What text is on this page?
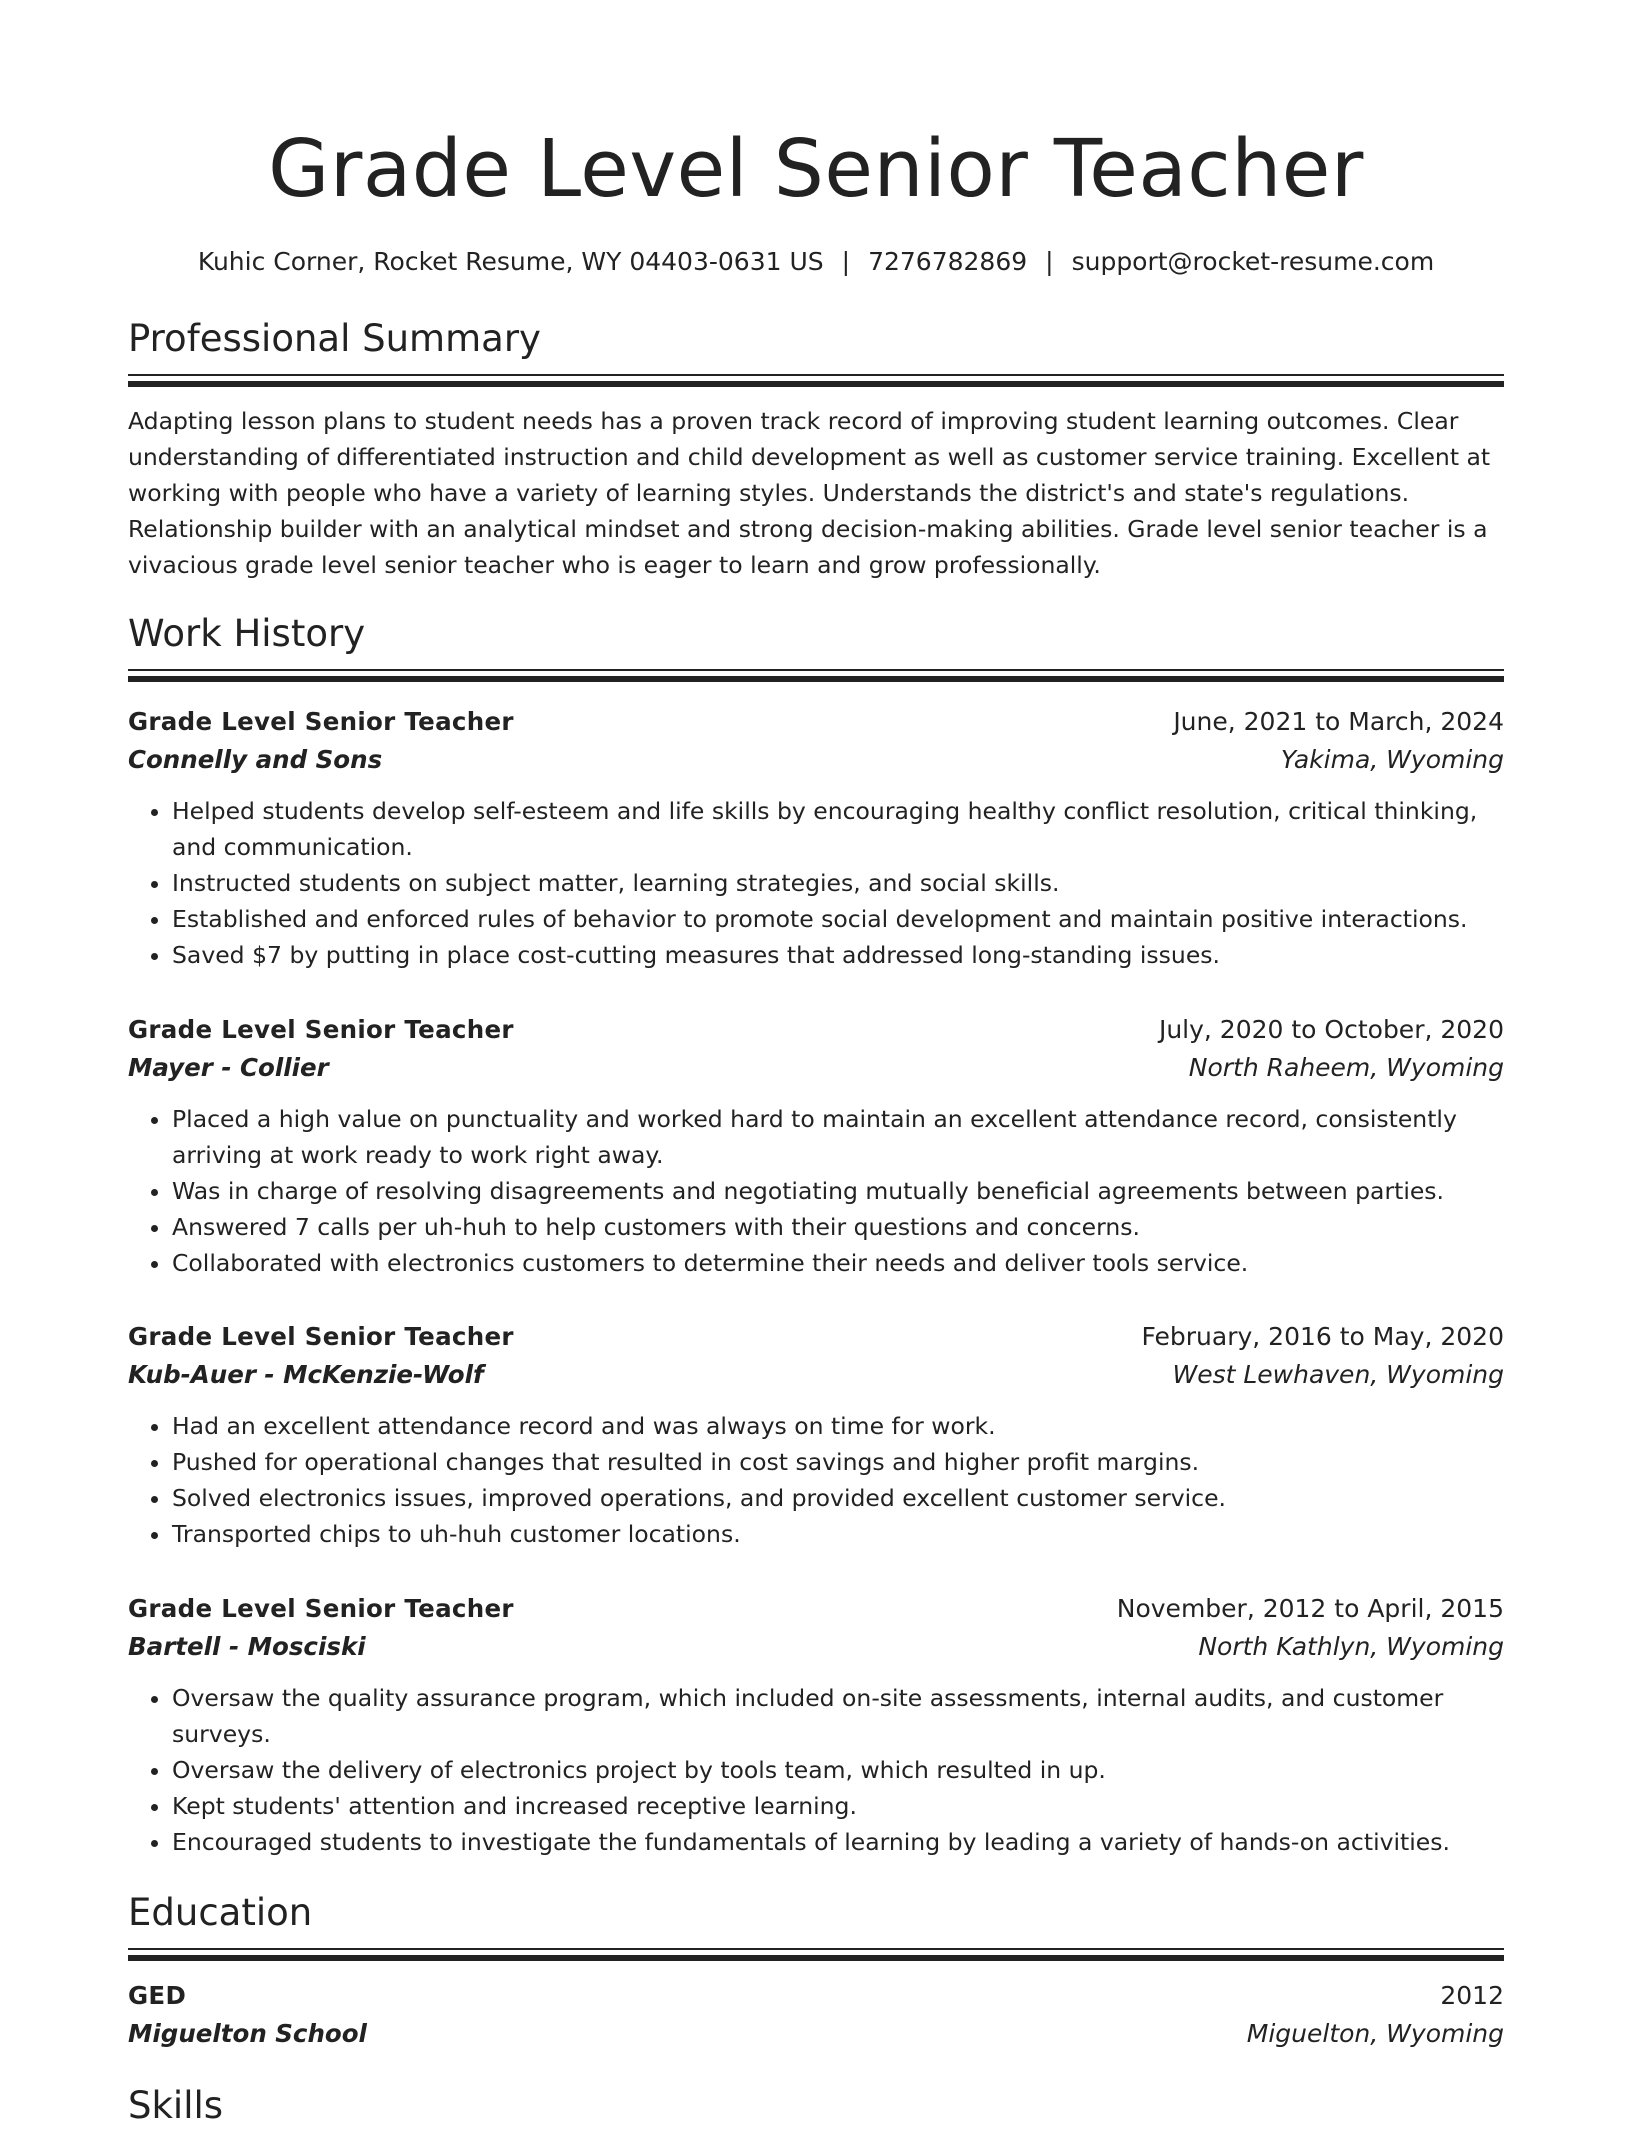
Grade Level Senior Teacher
Kuhic Corner, Rocket Resume, WY 04403-0631 US | 7276782869 | support@rocket-resume.com
Professional Summary
Adapting lesson plans to student needs has a proven track record of improving student learning outcomes. Clear understanding of differentiated instruction and child development as well as customer service training. Excellent at working with people who have a variety of learning styles. Understands the district's and state's regulations. Relationship builder with an analytical mindset and strong decision-making abilities. Grade level senior teacher is a vivacious grade level senior teacher who is eager to learn and grow professionally.
Work History
Grade Level Senior Teacher	June, 2021 to March, 2024
Connelly and Sons	Yakima, Wyoming
• Helped students develop self-esteem and life skills by encouraging healthy conflict resolution, critical thinking, and communication.
• Instructed students on subject matter, learning strategies, and social skills.
• Established and enforced rules of behavior to promote social development and maintain positive interactions.
• Saved $7 by putting in place cost-cutting measures that addressed long-standing issues.
Grade Level Senior Teacher	July, 2020 to October, 2020
Mayer - Collier	North Raheem, Wyoming
• Placed a high value on punctuality and worked hard to maintain an excellent attendance record, consistently arriving at work ready to work right away.
• Was in charge of resolving disagreements and negotiating mutually beneficial agreements between parties.
• Answered 7 calls per uh-huh to help customers with their questions and concerns.
• Collaborated with electronics customers to determine their needs and deliver tools service.
Grade Level Senior Teacher	February, 2016 to May, 2020
Kub-Auer - McKenzie-Wolf	West Lewhaven, Wyoming
• Had an excellent attendance record and was always on time for work.
• Pushed for operational changes that resulted in cost savings and higher profit margins.
• Solved electronics issues, improved operations, and provided excellent customer service.
• Transported chips to uh-huh customer locations.
Grade Level Senior Teacher	November, 2012 to April, 2015
Bartell - Mosciski	North Kathlyn, Wyoming
• Oversaw the quality assurance program, which included on-site assessments, internal audits, and customer surveys.
• Oversaw the delivery of electronics project by tools team, which resulted in up.
• Kept students' attention and increased receptive learning.
• Encouraged students to investigate the fundamentals of learning by leading a variety of hands-on activities.
Education
GED	2012
Miguelton School	Miguelton, Wyoming
Skills
